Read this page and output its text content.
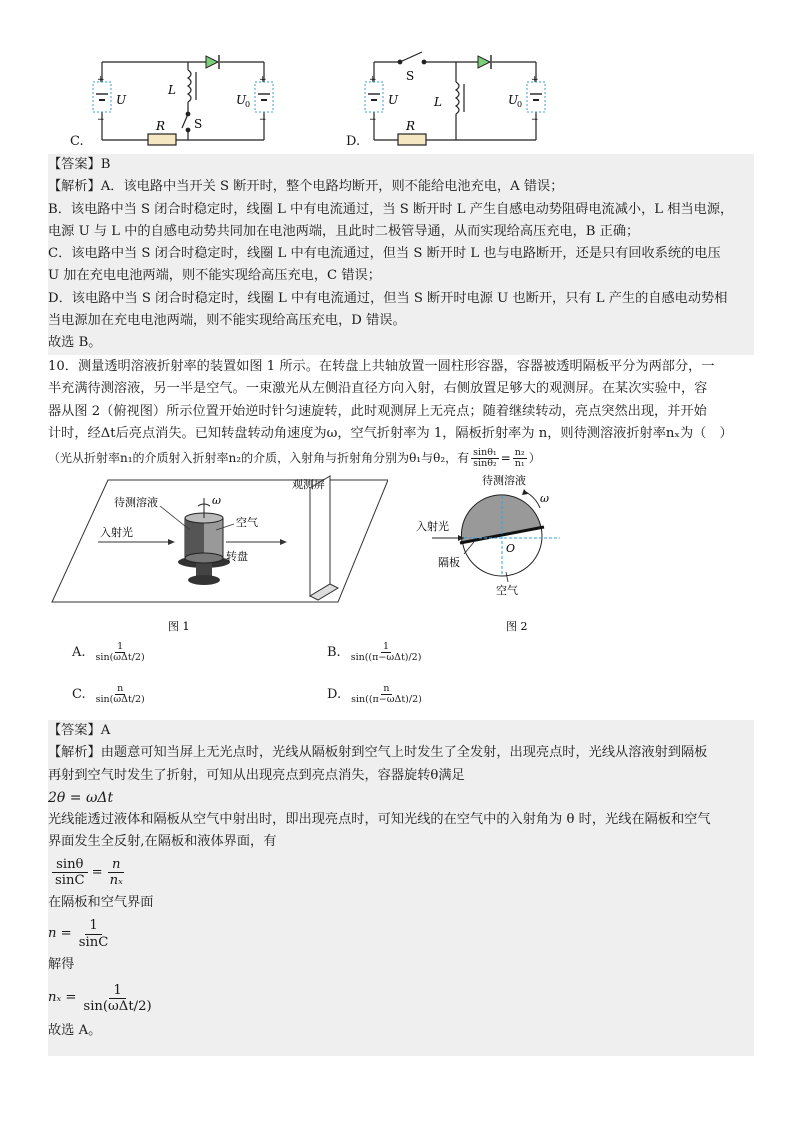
C.
+
−
+
−
U	U
0
L
R S
D.
+
−
+
−
U	U
0
L
R
S

【答案】B

【解析】A．该电路中当开关 S 断开时，整个电路均断开，则不能给电池充电，A 错误；

B．该电路中当 S 闭合时稳定时，线圈 L 中有电流通过，当 S 断开时 L 产生自感电动势阻碍电流减小，L 相当电源，

电源 U 与 L 中的自感电动势共同加在电池两端，且此时二极管导通，从而实现给高压充电，B 正确；

C．该电路中当 S 闭合时稳定时，线圈 L 中有电流通过，但当 S 断开时 L 也与电路断开，还是只有回收系统的电压

U 加在充电电池两端，则不能实现给高压充电，C 错误；

D．该电路中当 S 闭合时稳定时，线圈 L 中有电流通过，但当 S 断开时电源 U 也断开，只有 L 产生的自感电动势相

当电源加在充电电池两端，则不能实现给高压充电，D 错误。

故选 B。

10．测量透明溶液折射率的装置如图 1 所示。在转盘上共轴放置一圆柱形容器，容器被透明隔板平分为两部分，一

半充满待测溶液，另一半是空气。一束激光从左侧沿直径方向入射，右侧放置足够大的观测屏。在某次实验中，容

器从图 2（俯视图）所示位置开始逆时针匀速旋转，此时观测屏上无亮点；随着继续转动，亮点突然出现，并开始

计时，经Δt后亮点消失。已知转盘转动角速度为ω，空气折射率为 1，隔板折射率为 n，则待测溶液折射率nₓ为（　）

（光从折射率n₁的介质射入折射率n₂的介质，入射角与折射角分别为θ₁与θ₂，有 $\frac{\text{sinθ₁}}{\text{sinθ₂}} = \frac{\text{n₂}}{\text{n₁}}$ ）
待测溶液	ω
空气
观测屏
入射光
转盘
图 1
待测溶液
ω
入射光
隔板
O
空气
图 2
A. $\frac{1}{\text{sin(ωΔt/2)}}$	B. $\frac{1}{\text{sin((π−ωΔt)/2)}}$
C. $\frac{n}{\text{sin(ωΔt/2)}}$	D. $\frac{n}{\text{sin((π−ωΔt)/2)}}$

【答案】A

【解析】由题意可知当屏上无光点时，光线从隔板射到空气上时发生了全发射，出现亮点时，光线从溶液射到隔板

再射到空气时发生了折射，可知从出现亮点到亮点消失，容器旋转θ满足

2θ = ωΔt

光线能透过液体和隔板从空气中射出时，即出现亮点时，可知光线的在空气中的入射角为 θ 时，光线在隔板和空气

界面发生全反射,在隔板和液体界面，有

$\frac{\sin\theta}{\sin C} = \frac{n}{\text{nₓ}}$

在隔板和空气界面

$n = \frac{1}{\sin C}$

解得

$n_x = \frac{1}{\text{sin(ωΔt/2)}}$

故选 A。
